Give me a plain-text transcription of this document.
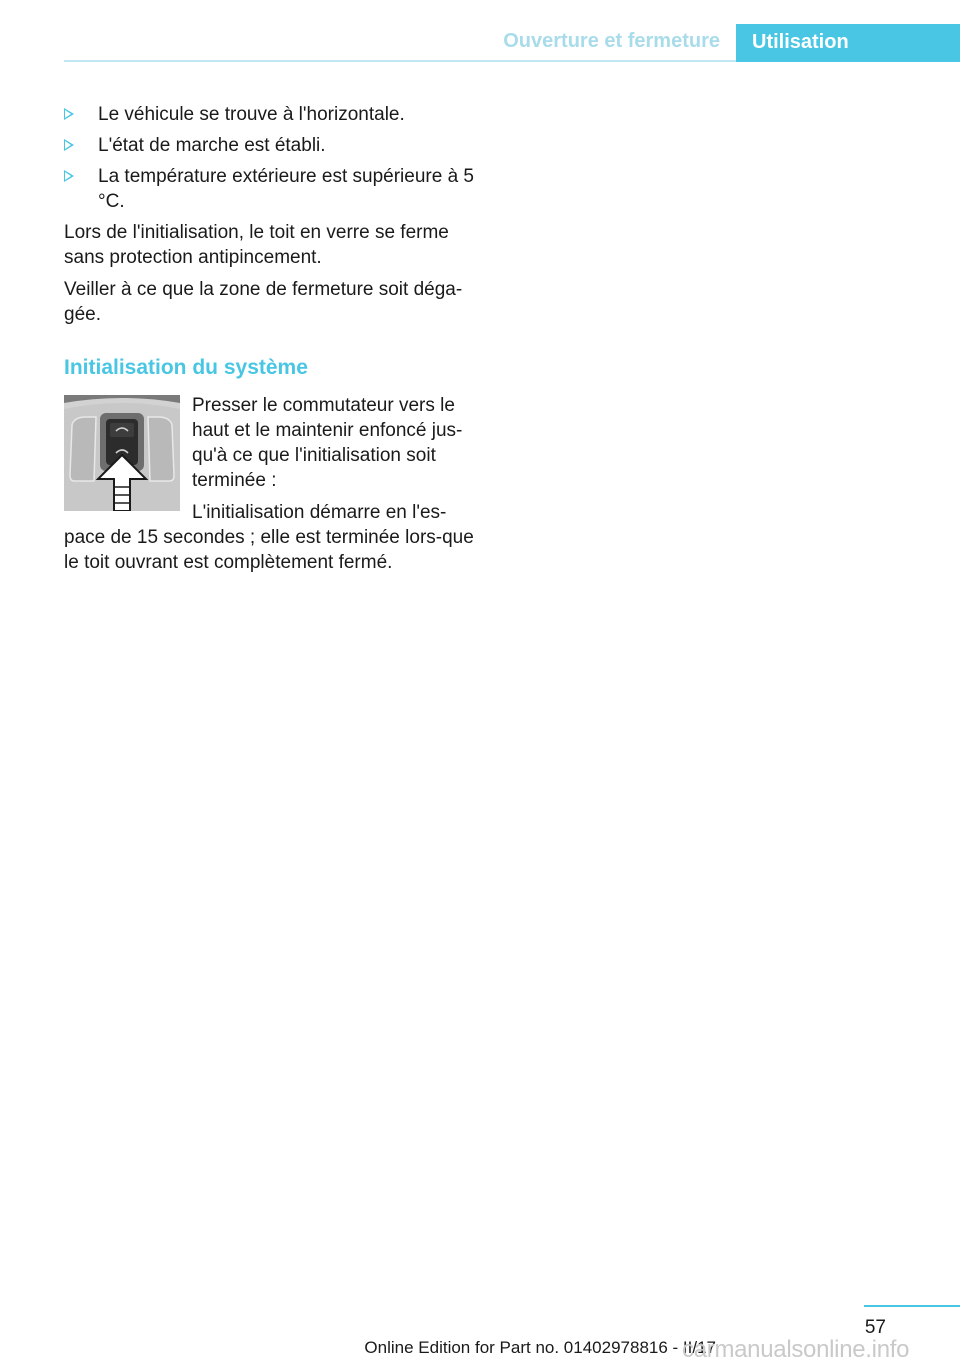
Ouverture et fermeture	Utilisation
Le véhicule se trouve à l'horizontale.
L'état de marche est établi.
La température extérieure est supérieure à 5 °C.

Lors de l'initialisation, le toit en verre se ferme sans protection antipincement.

Veiller à ce que la zone de fermeture soit déga-gée.

Initialisation du système

Presser le commutateur vers le haut et le maintenir enfoncé jus-qu'à ce que l'initialisation soit terminée :

L'initialisation démarre en l'es-pace de 15 secondes ; elle est terminée lors-que le toit ouvrant est complètement fermé.

57
Online Edition for Part no. 01402978816 - II/17
carmanualsonline.info
